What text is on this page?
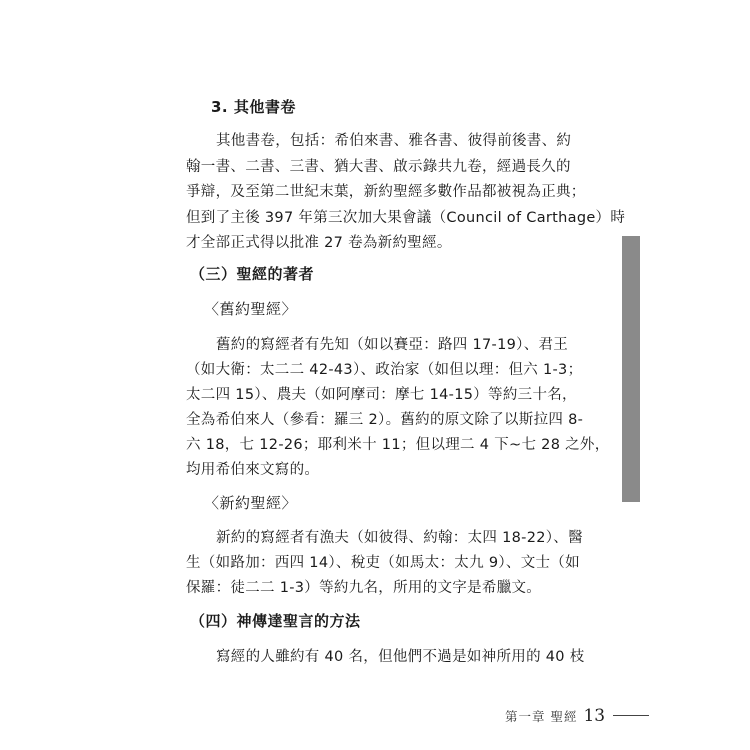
3. 其他書卷
其他書卷，包括：希伯來書、雅各書、彼得前後書、約
翰一書、二書、三書、猶大書、啟示錄共九卷，經過長久的
爭辯，及至第二世紀末葉，新約聖經多數作品都被視為正典；
但到了主後 397 年第三次加大果會議（Council of Carthage）時
才全部正式得以批准 27 卷為新約聖經。
（三）聖經的著者
〈舊約聖經〉
舊約的寫經者有先知（如以賽亞：路四 17-19）、君王
（如大衛：太二二 42-43）、政治家（如但以理：但六 1-3；
太二四 15）、農夫（如阿摩司：摩七 14-15）等約三十名，
全為希伯來人（參看：羅三 2）。舊約的原文除了以斯拉四 8-
六 18，七 12-26；耶利米十 11；但以理二 4 下~七 28 之外，
均用希伯來文寫的。
〈新約聖經〉
新約的寫經者有漁夫（如彼得、約翰：太四 18-22）、醫
生（如路加：西四 14）、稅吏（如馬太：太九 9）、文士（如
保羅：徒二二 1-3）等約九名，所用的文字是希臘文。
（四）神傳達聖言的方法
寫經的人雖約有 40 名，但他們不過是如神所用的 40 枝
第一章 聖經 13
